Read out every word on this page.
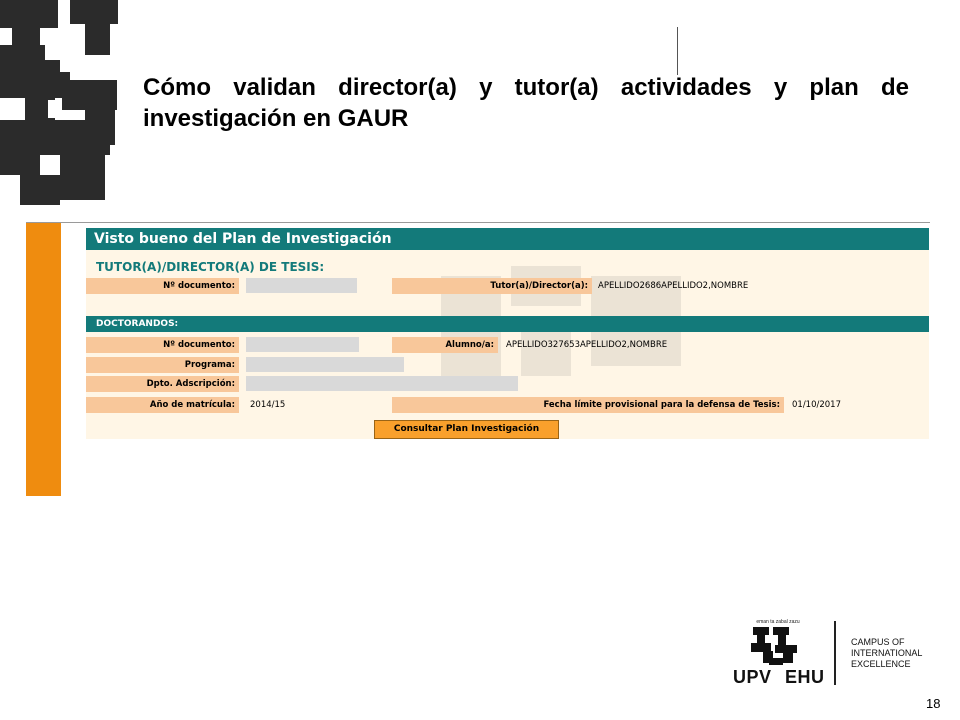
Cómo validan director(a) y tutor(a) actividades y plan de investigación en GAUR
Visto bueno del Plan de Investigación
TUTOR(A)/DIRECTOR(A) DE TESIS:
Nº documento:	Tutor(a)/Director(a):	APELLIDO2686APELLIDO2,NOMBRE
DOCTORANDOS:
Nº documento:	Alumno/a:	APELLIDO327653APELLIDO2,NOMBRE
Programa:
Dpto. Adscripción:
Año de matrícula:	2014/15	Fecha límite provisional para la defensa de Tesis:	01/10/2017
Consultar Plan Investigación
eman ta zabal zazu
UPV EHU
CAMPUS OF
INTERNATIONAL
EXCELLENCE
18
